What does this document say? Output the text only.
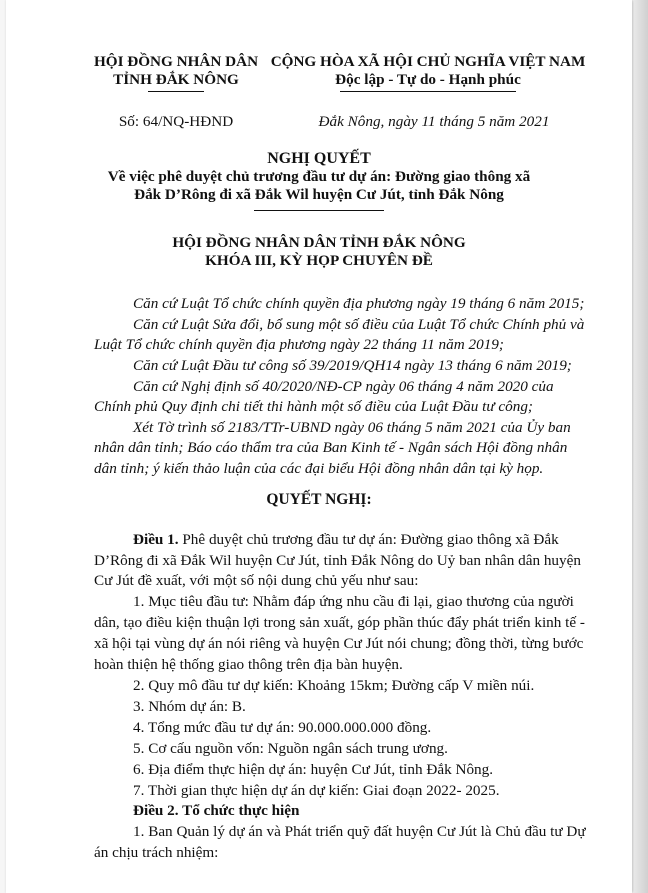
HỘI ĐỒNG NHÂN DÂN
TỈNH ĐẮK NÔNG
CỘNG HÒA XÃ HỘI CHỦ NGHĨA VIỆT NAM
Độc lập - Tự do - Hạnh phúc
Số: 64/NQ-HĐND	Đắk Nông, ngày 11 tháng 5 năm 2021
NGHỊ QUYẾT
Về việc phê duyệt chủ trương đầu tư dự án: Đường giao thông xã
Đắk D’Rông đi xã Đắk Wil huyện Cư Jút, tỉnh Đắk Nông
HỘI ĐỒNG NHÂN DÂN TỈNH ĐẮK NÔNG
KHÓA III, KỲ HỌP CHUYÊN ĐỀ
Căn cứ Luật Tổ chức chính quyền địa phương ngày 19 tháng 6 năm 2015;
Căn cứ Luật Sửa đổi, bổ sung một số điều của Luật Tổ chức Chính phủ và
Luật Tổ chức chính quyền địa phương ngày 22 tháng 11 năm 2019;
Căn cứ Luật Đầu tư công số 39/2019/QH14 ngày 13 tháng 6 năm 2019;
Căn cứ Nghị định số 40/2020/NĐ-CP ngày 06 tháng 4 năm 2020 của
Chính phủ Quy định chi tiết thi hành một số điều của Luật Đầu tư công;
Xét Tờ trình số 2183/TTr-UBND ngày 06 tháng 5 năm 2021 của Ủy ban
nhân dân tỉnh; Báo cáo thẩm tra của Ban Kinh tế - Ngân sách Hội đồng nhân
dân tỉnh; ý kiến thảo luận của các đại biểu Hội đồng nhân dân tại kỳ họp.
QUYẾT NGHỊ:
Điều 1. Phê duyệt chủ trương đầu tư dự án: Đường giao thông xã Đắk
D’Rông đi xã Đắk Wil huyện Cư Jút, tỉnh Đắk Nông do Uỷ ban nhân dân huyện
Cư Jút đề xuất, với một số nội dung chủ yếu như sau:
1. Mục tiêu đầu tư: Nhằm đáp ứng nhu cầu đi lại, giao thương của người
dân, tạo điều kiện thuận lợi trong sản xuất, góp phần thúc đẩy phát triển kinh tế -
xã hội tại vùng dự án nói riêng và huyện Cư Jút nói chung; đồng thời, từng bước
hoàn thiện hệ thống giao thông trên địa bàn huyện.
2. Quy mô đầu tư dự kiến: Khoảng 15km; Đường cấp V miền núi.
3. Nhóm dự án: B.
4. Tổng mức đầu tư dự án: 90.000.000.000 đồng.
5. Cơ cấu nguồn vốn: Nguồn ngân sách trung ương.
6. Địa điểm thực hiện dự án: huyện Cư Jút, tỉnh Đắk Nông.
7. Thời gian thực hiện dự án dự kiến: Giai đoạn 2022- 2025.
Điều 2. Tổ chức thực hiện
1. Ban Quản lý dự án và Phát triển quỹ đất huyện Cư Jút là Chủ đầu tư Dự
án chịu trách nhiệm:
